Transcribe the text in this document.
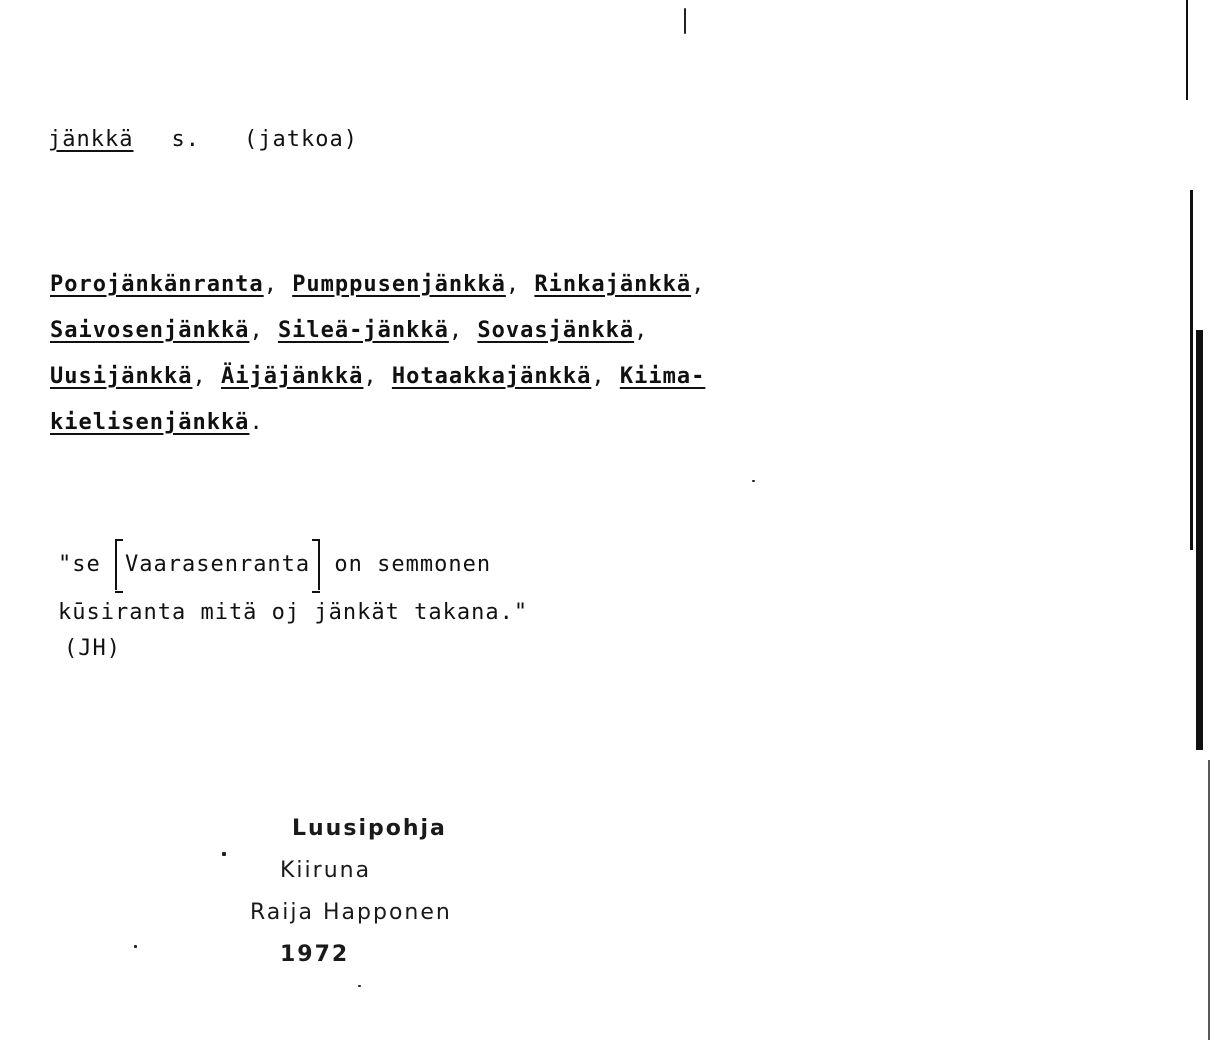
jänkkä s. (jatkoa)
Porojänkänranta, Pumppusenjänkkä, Rinkajänkkä, Saivosenjänkkä, Sileä-jänkkä, Sovasjänkkä, Uusijänkkä, Äijäjänkkä, Hotaakkajänkkä, Kiima-kielisenjänkkä.
"se Vaarasenranta on semmonen
kūsiranta mitä oj jänkät takana."
(JH)
Luusipohja
Kiiruna
Raija Happonen
1972
